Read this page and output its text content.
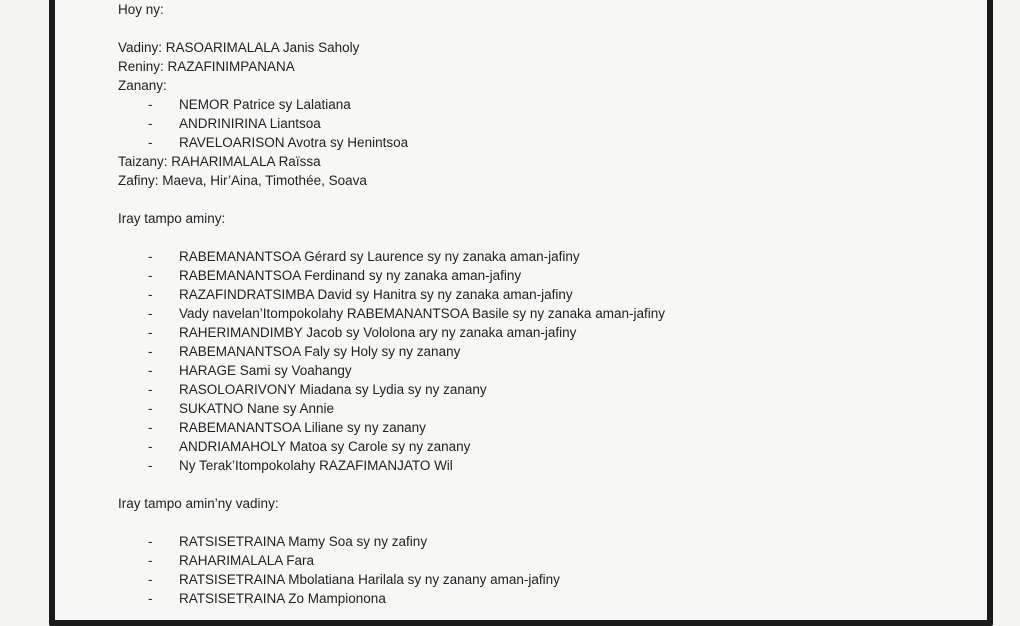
Hoy ny:
Vadiny: RASOARIMALALA Janis Saholy
Reniny: RAZAFINIMPANANA
Zanany:
-	NEMOR Patrice sy Lalatiana
-	ANDRINIRINA Liantsoa
-	RAVELOARISON Avotra sy Henintsoa
Taizany: RAHARIMALALA Raïssa
Zafiny: Maeva, Hir’Aina, Timothée, Soava
Iray tampo aminy:
-	RABEMANANTSOA Gérard sy Laurence sy ny zanaka aman-jafiny
-	RABEMANANTSOA Ferdinand sy ny zanaka aman-jafiny
-	RAZAFINDRATSIMBA David sy Hanitra sy ny zanaka aman-jafiny
-	Vady navelan’Itompokolahy RABEMANANTSOA Basile sy ny zanaka aman-jafiny
-	RAHERIMANDIMBY Jacob sy Vololona ary ny zanaka aman-jafiny
-	RABEMANANTSOA Faly sy Holy sy ny zanany
-	HARAGE Sami sy Voahangy
-	RASOLOARIVONY Miadana sy Lydia sy ny zanany
-	SUKATNO Nane sy Annie
-	RABEMANANTSOA Liliane sy ny zanany
-	ANDRIAMAHOLY Matoa sy Carole sy ny zanany
-	Ny Terak’Itompokolahy RAZAFIMANJATO Wil
Iray tampo amin’ny vadiny:
-	RATSISETRAINA Mamy Soa sy ny zafiny
-	RAHARIMALALA Fara
-	RATSISETRAINA Mbolatiana Harilala sy ny zanany aman-jafiny
-	RATSISETRAINA Zo Mampionona
